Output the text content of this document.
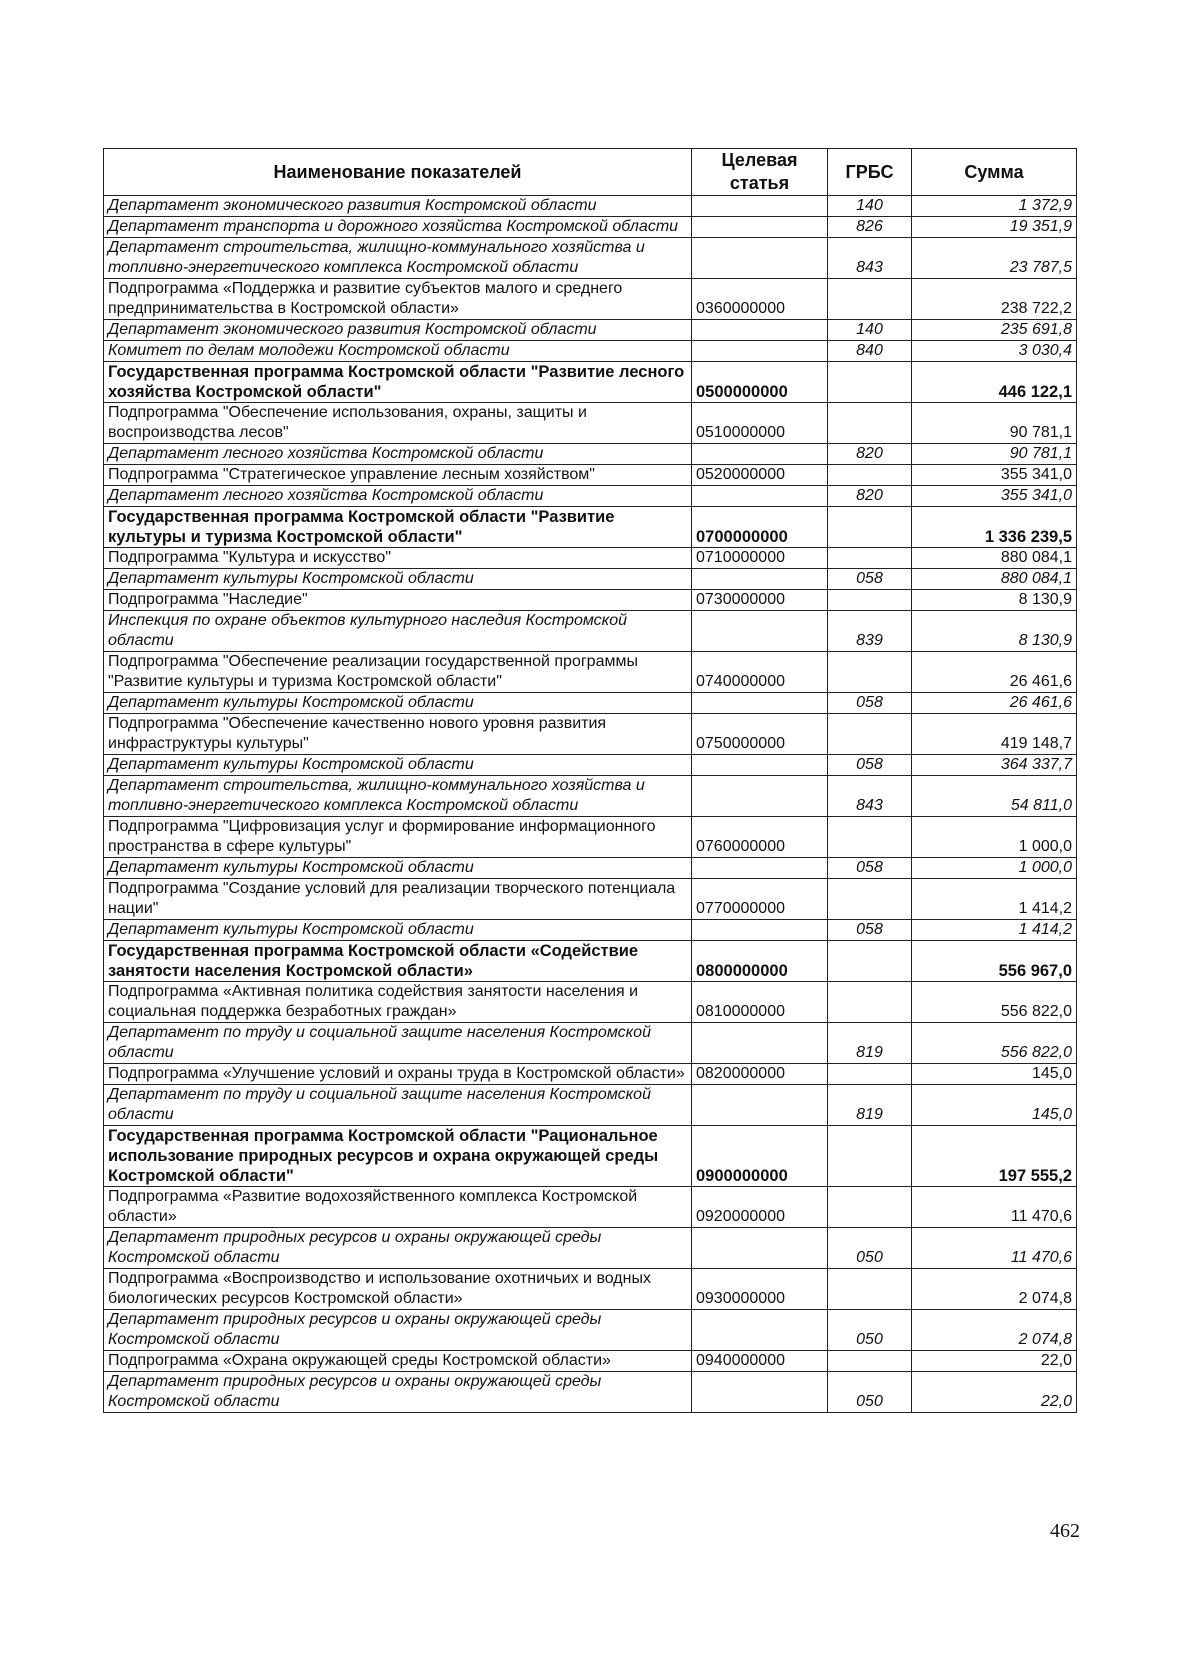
Наименование показателей	Целевая статья	ГРБС	Сумма
Департамент экономического развития Костромской области		140	1 372,9
Департамент транспорта и дорожного хозяйства Костромской области		826	19 351,9
Департамент строительства, жилищно-коммунального хозяйства и топливно-энергетического комплекса Костромской области		843	23 787,5
Подпрограмма «Поддержка и развитие субъектов малого и среднего предпринимательства в Костромской области»	0360000000		238 722,2
Департамент экономического развития Костромской области		140	235 691,8
Комитет по делам молодежи Костромской области		840	3 030,4
Государственная программа Костромской области "Развитие лесного хозяйства Костромской области"	0500000000		446 122,1
Подпрограмма "Обеспечение использования, охраны, защиты и воспроизводства лесов"	0510000000		90 781,1
Департамент лесного хозяйства Костромской области		820	90 781,1
Подпрограмма "Стратегическое управление лесным хозяйством"	0520000000		355 341,0
Департамент лесного хозяйства Костромской области		820	355 341,0
Государственная программа Костромской области "Развитие культуры и туризма Костромской области"	0700000000		1 336 239,5
Подпрограмма "Культура и искусство"	0710000000		880 084,1
Департамент культуры Костромской области		058	880 084,1
Подпрограмма "Наследие"	0730000000		8 130,9
Инспекция по охране объектов культурного наследия Костромской области		839	8 130,9
Подпрограмма "Обеспечение реализации государственной программы "Развитие культуры и туризма Костромской области"	0740000000		26 461,6
Департамент культуры Костромской области		058	26 461,6
Подпрограмма "Обеспечение качественно нового уровня развития инфраструктуры культуры"	0750000000		419 148,7
Департамент культуры Костромской области		058	364 337,7
Департамент строительства, жилищно-коммунального хозяйства и топливно-энергетического комплекса Костромской области		843	54 811,0
Подпрограмма "Цифровизация услуг и формирование информационного пространства в сфере культуры"	0760000000		1 000,0
Департамент культуры Костромской области		058	1 000,0
Подпрограмма "Создание условий для реализации творческого потенциала нации"	0770000000		1 414,2
Департамент культуры Костромской области		058	1 414,2
Государственная программа Костромской области «Содействие занятости населения Костромской области»	0800000000		556 967,0
Подпрограмма «Активная политика содействия занятости населения и социальная поддержка безработных граждан»	0810000000		556 822,0
Департамент по труду и социальной защите населения Костромской области		819	556 822,0
Подпрограмма «Улучшение условий и охраны труда в Костромской области»	0820000000		145,0
Департамент по труду и социальной защите населения Костромской области		819	145,0
Государственная программа Костромской области "Рациональное использование природных ресурсов и охрана окружающей среды Костромской области"	0900000000		197 555,2
Подпрограмма «Развитие водохозяйственного комплекса Костромской области»	0920000000		11 470,6
Департамент природных ресурсов и охраны окружающей среды Костромской области		050	11 470,6
Подпрограмма «Воспроизводство и использование охотничьих и водных биологических ресурсов Костромской области»	0930000000		2 074,8
Департамент природных ресурсов и охраны окружающей среды Костромской области		050	2 074,8
Подпрограмма «Охрана окружающей среды Костромской области»	0940000000		22,0
Департамент природных ресурсов и охраны окружающей среды Костромской области		050	22,0
462
